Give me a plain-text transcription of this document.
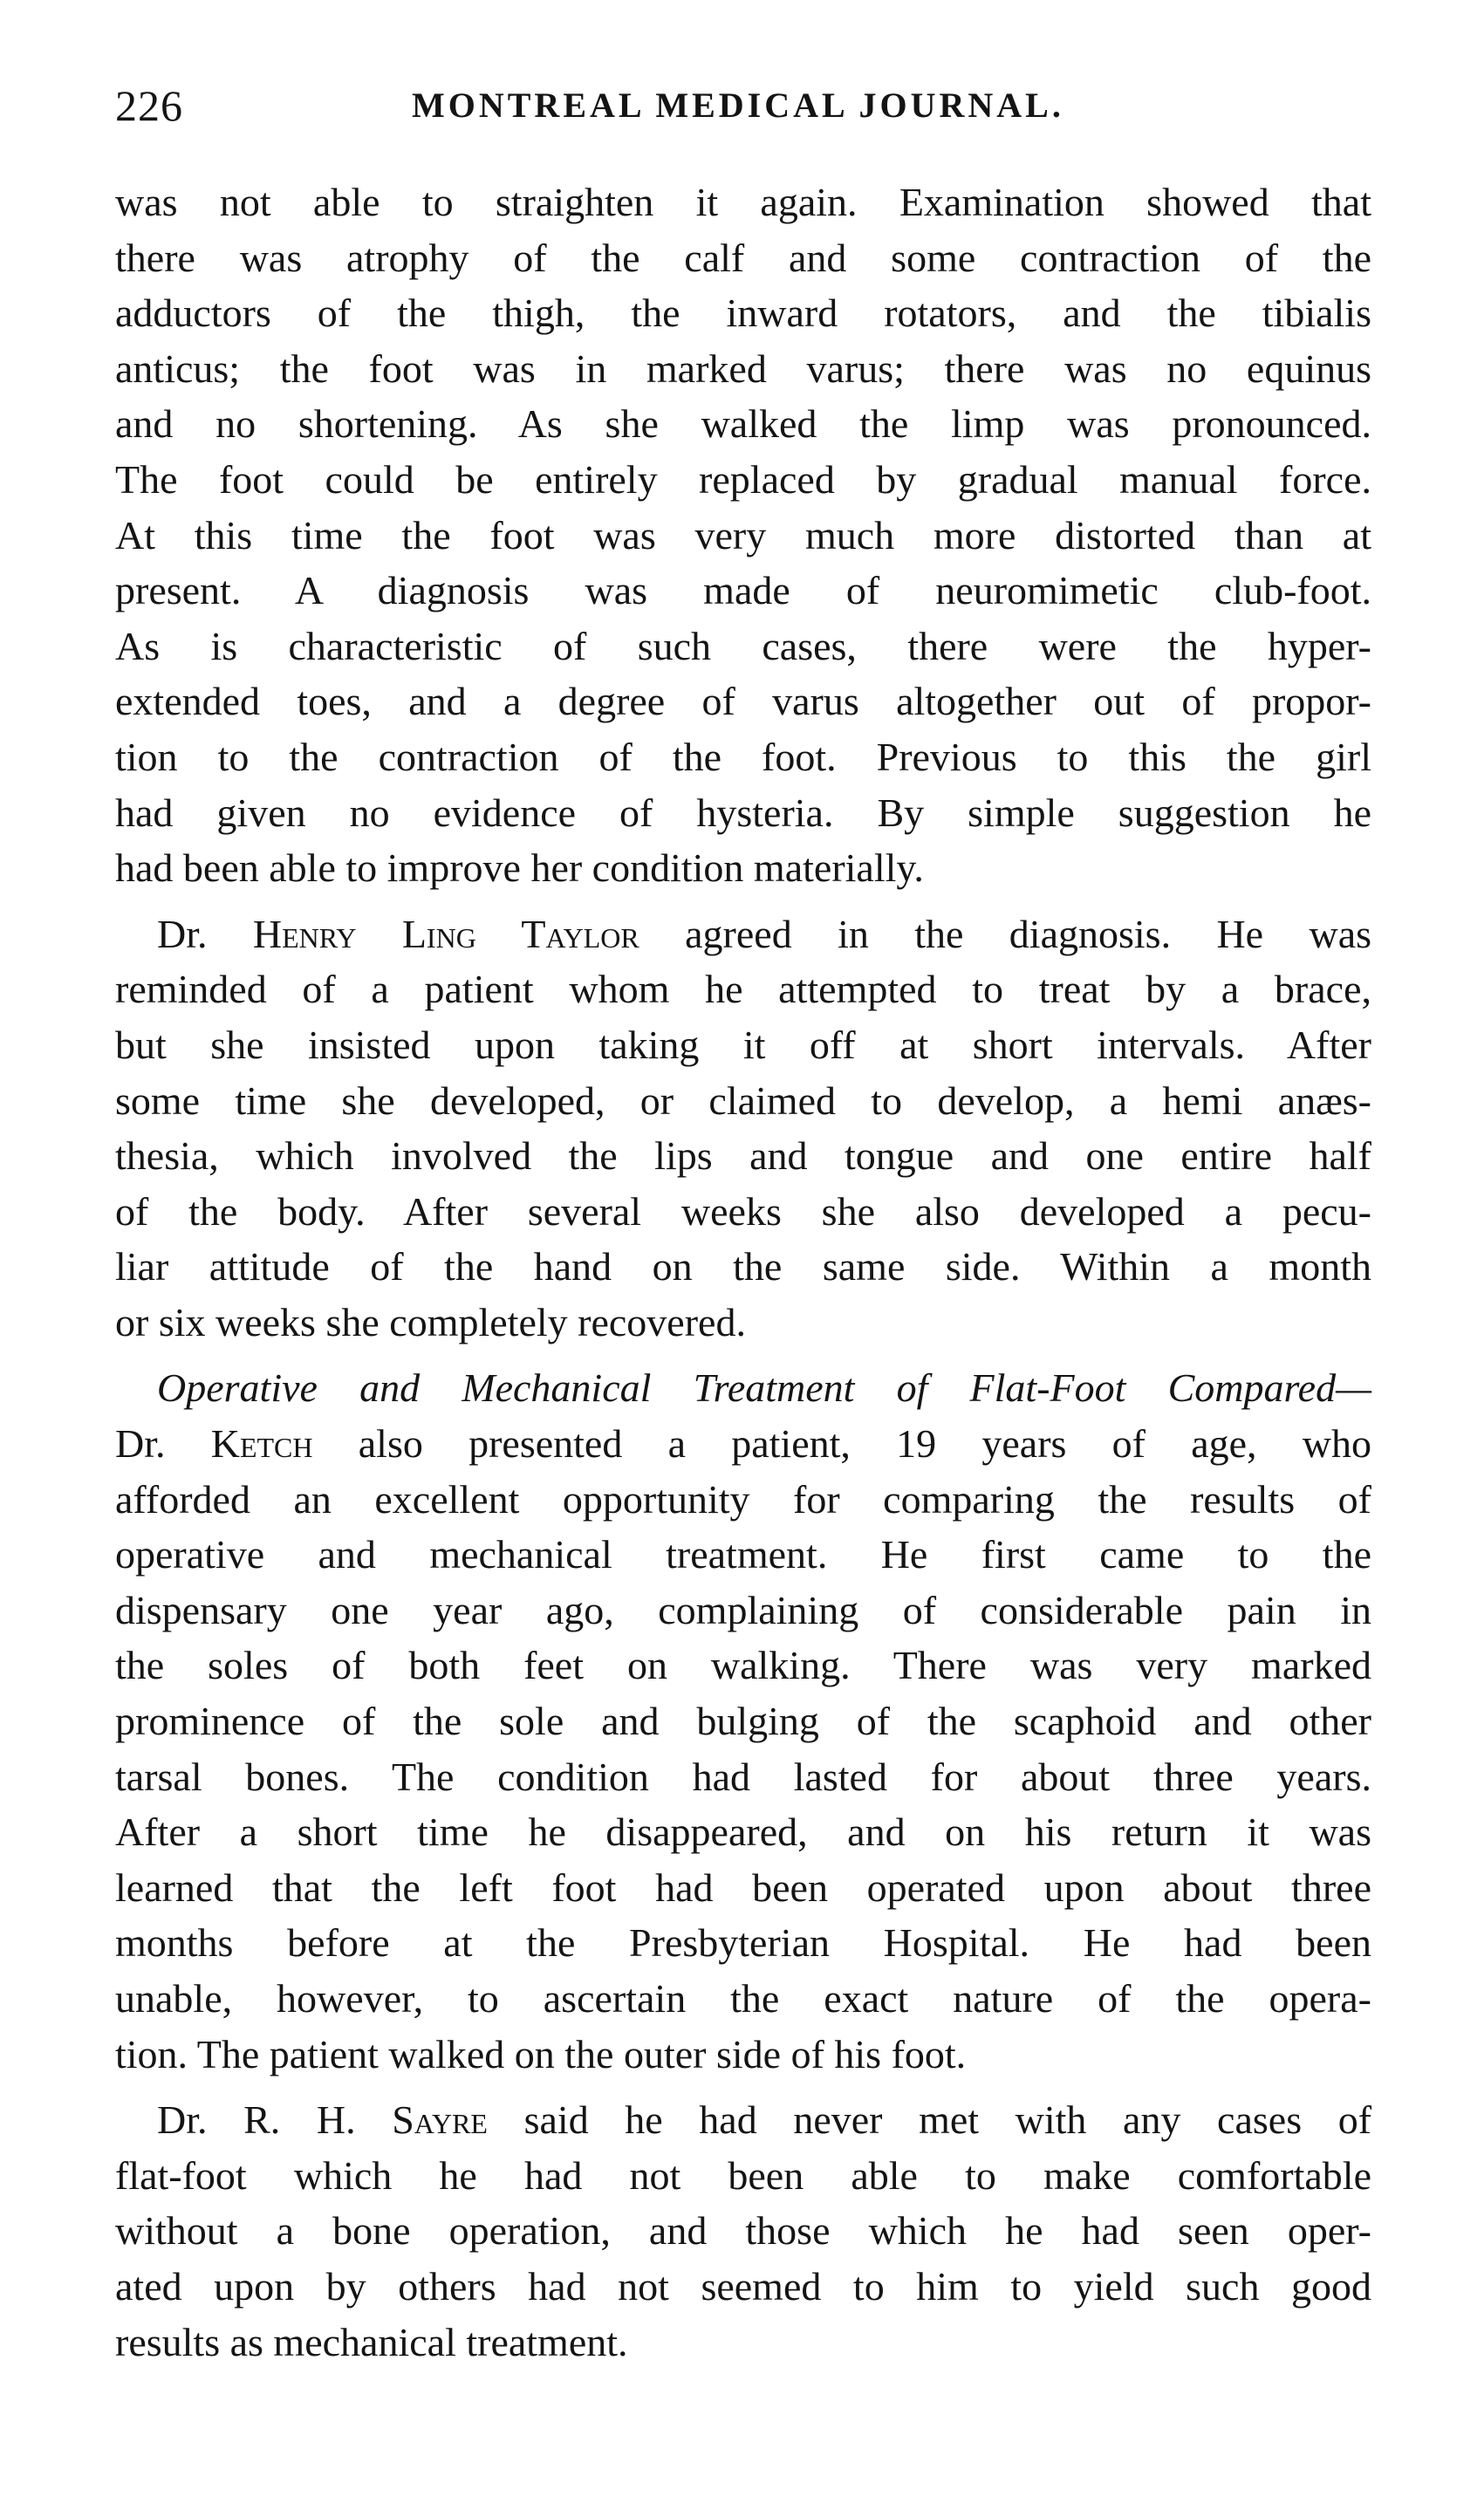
226	MONTREAL MEDICAL JOURNAL.
was not able to straighten it again. Examination showed that
there was atrophy of the calf and some contraction of the
adductors of the thigh, the inward rotators, and the tibialis
anticus; the foot was in marked varus; there was no equinus
and no shortening. As she walked the limp was pronounced.
The foot could be entirely replaced by gradual manual force.
At this time the foot was very much more distorted than at
present. A diagnosis was made of neuromimetic club-foot.
As is characteristic of such cases, there were the hyper-
extended toes, and a degree of varus altogether out of propor-
tion to the contraction of the foot. Previous to this the girl
had given no evidence of hysteria. By simple suggestion he
had been able to improve her condition materially.
Dr. Henry Ling Taylor agreed in the diagnosis. He was
reminded of a patient whom he attempted to treat by a brace,
but she insisted upon taking it off at short intervals. After
some time she developed, or claimed to develop, a hemi anæs-
thesia, which involved the lips and tongue and one entire half
of the body. After several weeks she also developed a pecu-
liar attitude of the hand on the same side. Within a month
or six weeks she completely recovered.
Operative and Mechanical Treatment of Flat-Foot Compared—
Dr. Ketch also presented a patient, 19 years of age, who
afforded an excellent opportunity for comparing the results of
operative and mechanical treatment. He first came to the
dispensary one year ago, complaining of considerable pain in
the soles of both feet on walking. There was very marked
prominence of the sole and bulging of the scaphoid and other
tarsal bones. The condition had lasted for about three years.
After a short time he disappeared, and on his return it was
learned that the left foot had been operated upon about three
months before at the Presbyterian Hospital. He had been
unable, however, to ascertain the exact nature of the opera-
tion. The patient walked on the outer side of his foot.
Dr. R. H. Sayre said he had never met with any cases of
flat-foot which he had not been able to make comfortable
without a bone operation, and those which he had seen oper-
ated upon by others had not seemed to him to yield such good
results as mechanical treatment.
